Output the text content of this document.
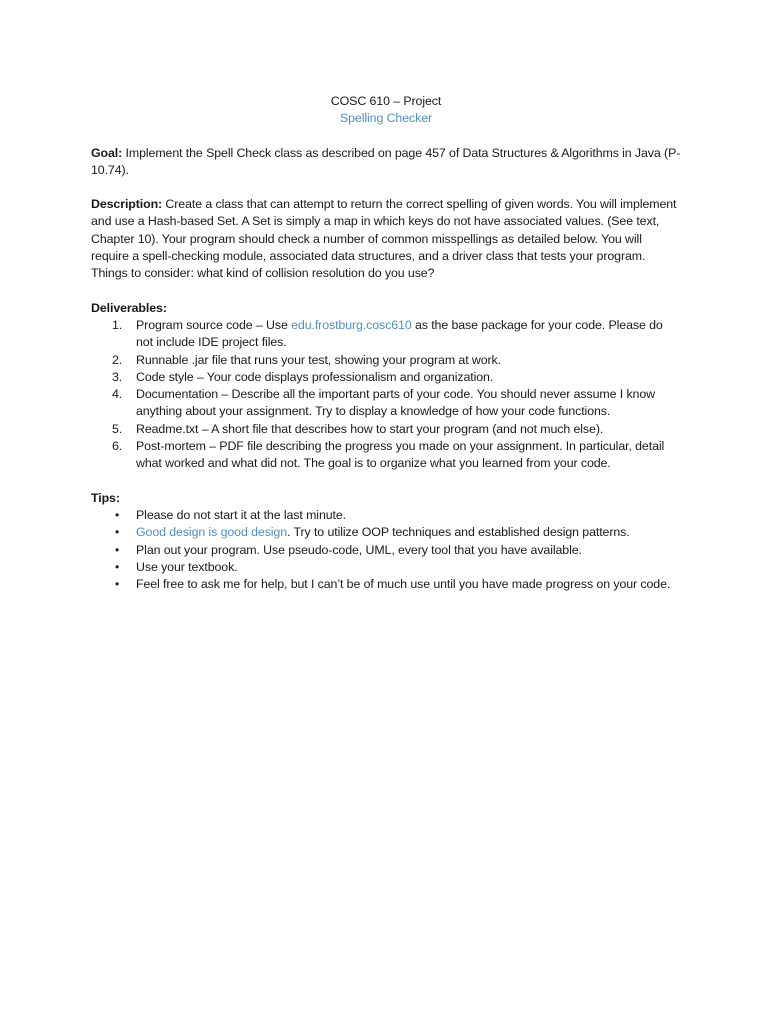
COSC 610 – Project

Spelling Checker

Goal: Implement the Spell Check class as described on page 457 of Data Structures & Algorithms in Java (P-10.74).

Description: Create a class that can attempt to return the correct spelling of given words. You will implement and use a Hash-based Set. A Set is simply a map in which keys do not have associated values. (See text, Chapter 10). Your program should check a number of common misspellings as detailed below. You will require a spell-checking module, associated data structures, and a driver class that tests your program. Things to consider: what kind of collision resolution do you use?

Deliverables:

1. Program source code – Use edu.frostburg.cosc610 as the base package for your code. Please do not include IDE project files.
2. Runnable .jar file that runs your test, showing your program at work.
3. Code style – Your code displays professionalism and organization.
4. Documentation – Describe all the important parts of your code. You should never assume I know anything about your assignment. Try to display a knowledge of how your code functions.
5. Readme.txt – A short file that describes how to start your program (and not much else).
6. Post-mortem – PDF file describing the progress you made on your assignment. In particular, detail what worked and what did not. The goal is to organize what you learned from your code.

Tips:

• Please do not start it at the last minute.
• Good design is good design. Try to utilize OOP techniques and established design patterns.
• Plan out your program. Use pseudo-code, UML, every tool that you have available.
• Use your textbook.
• Feel free to ask me for help, but I can’t be of much use until you have made progress on your code.
